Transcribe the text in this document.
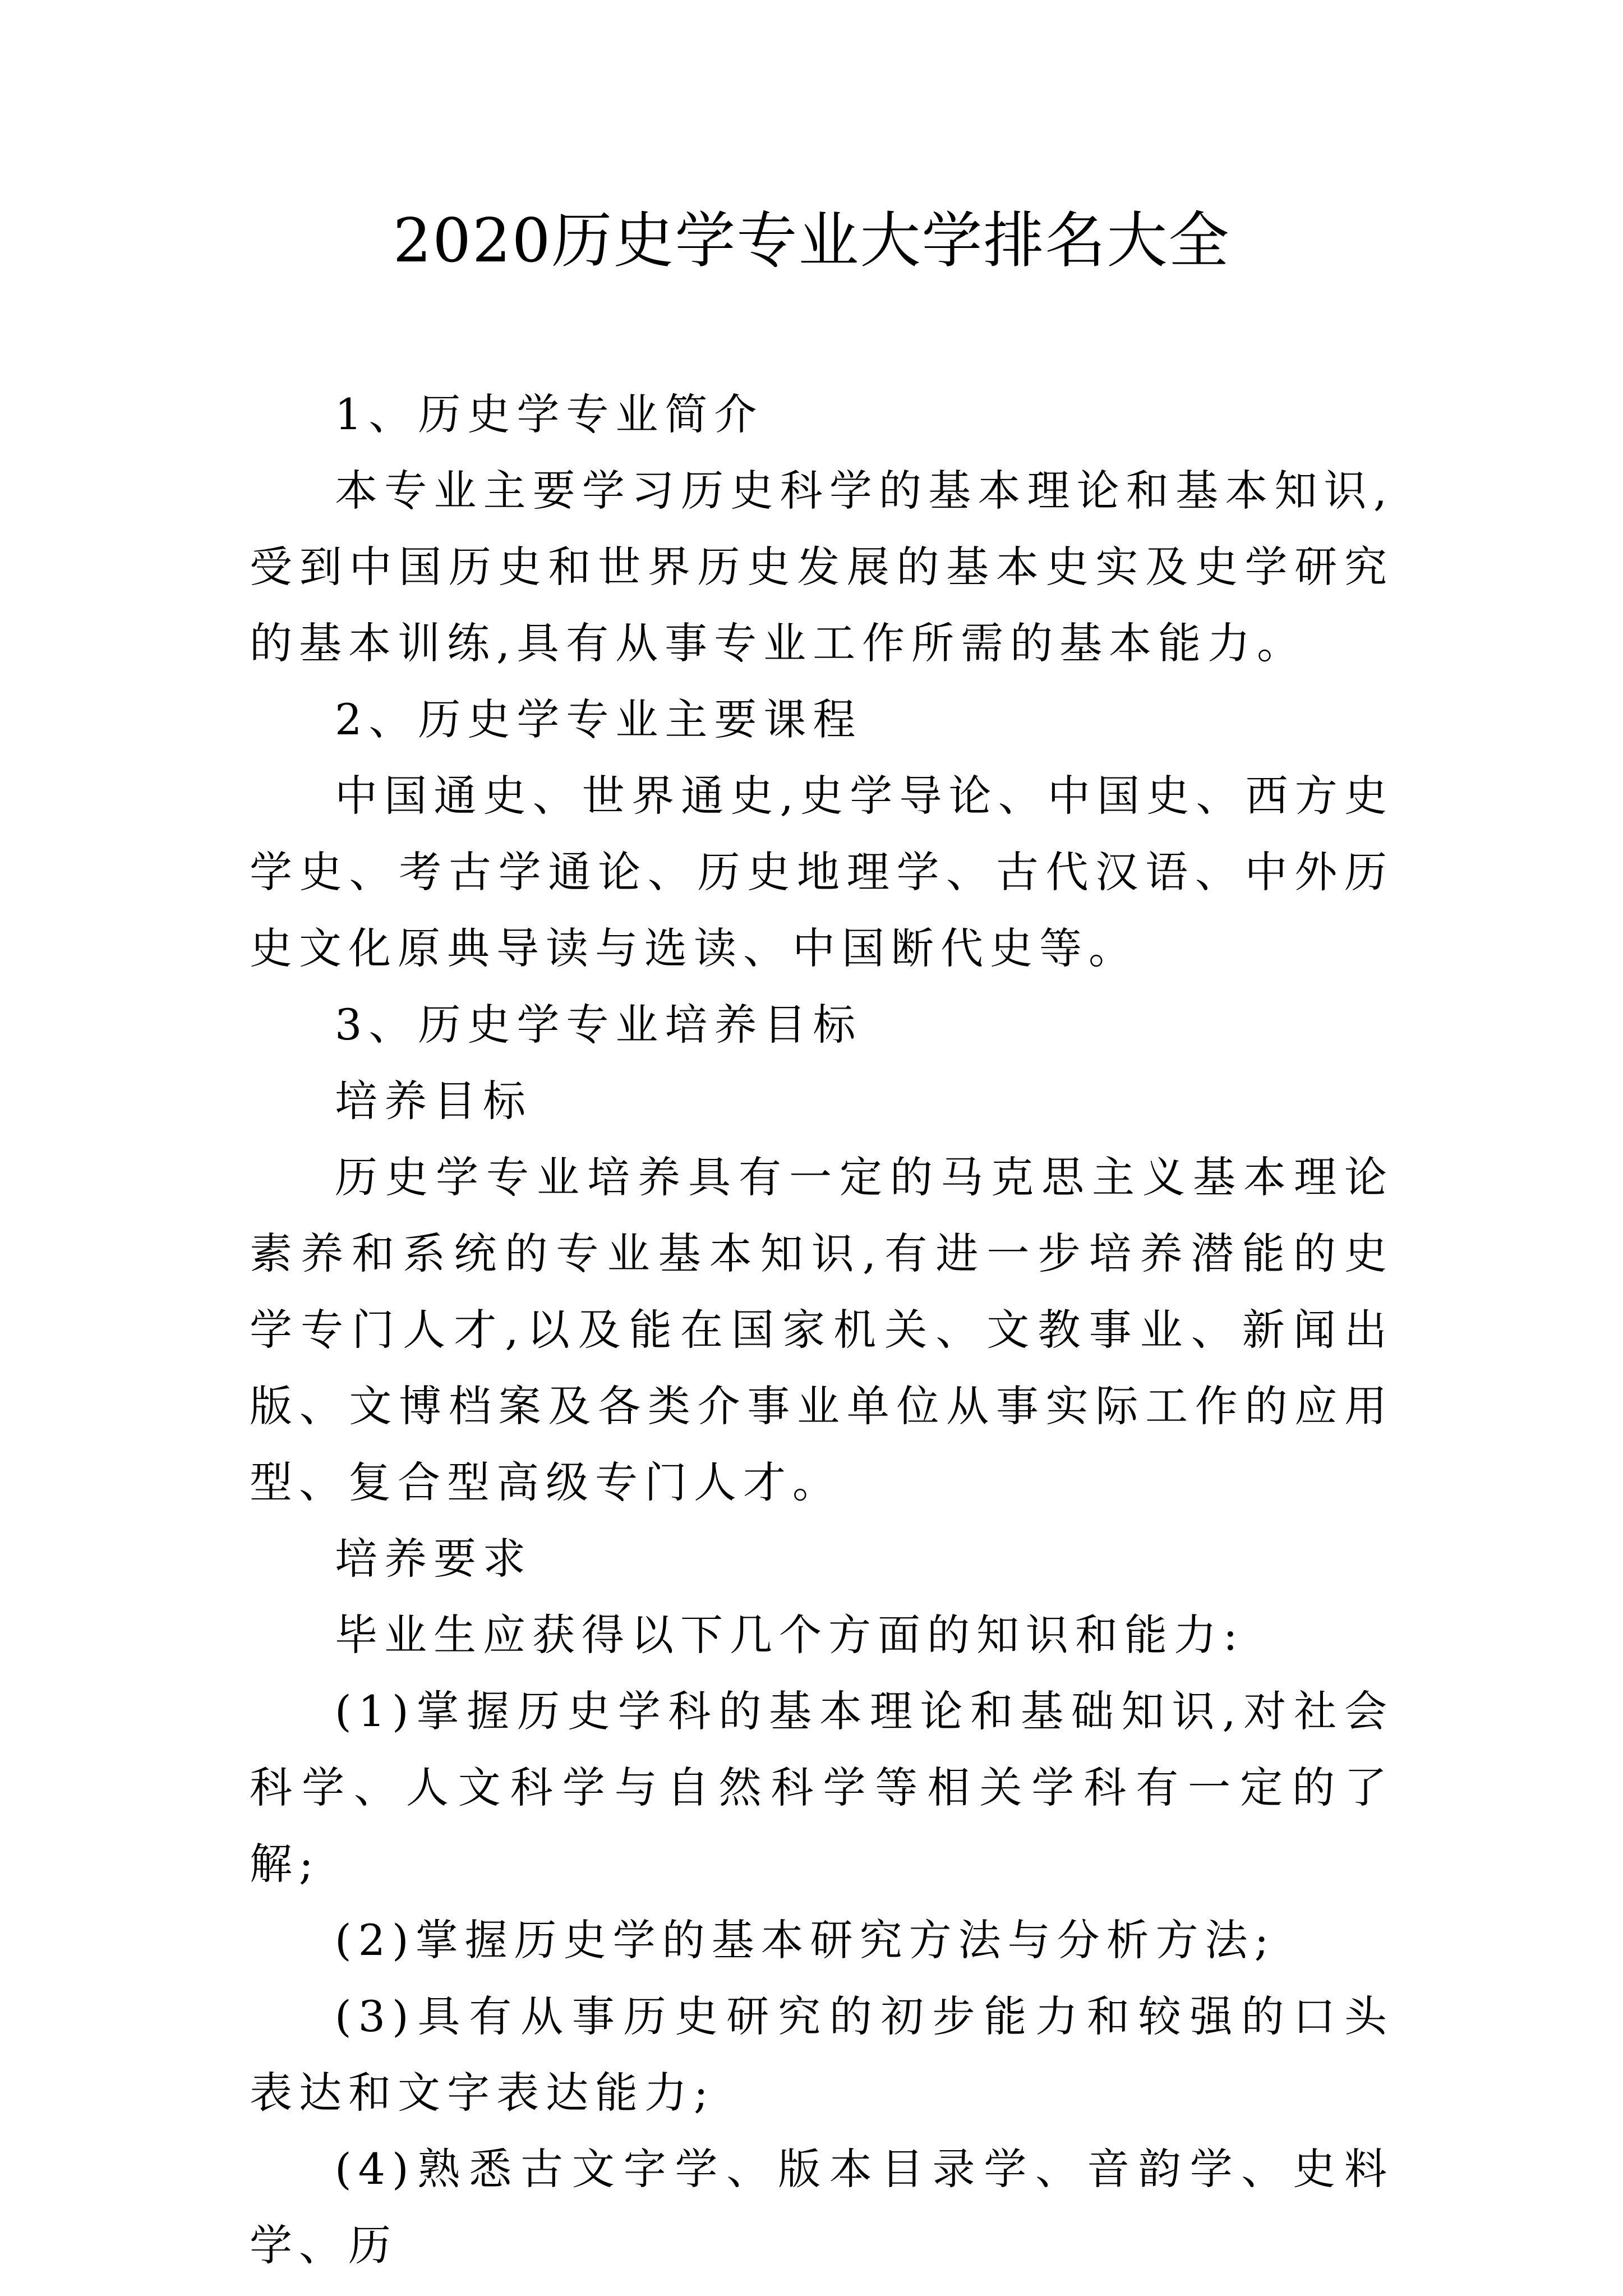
2020历史学专业大学排名大全

1、历史学专业简介

本专业主要学习历史科学的基本理论和基本知识,受到中国历史和世界历史发展的基本史实及史学研究的基本训练,具有从事专业工作所需的基本能力。

2、历史学专业主要课程

中国通史、世界通史,史学导论、中国史、西方史学史、考古学通论、历史地理学、古代汉语、中外历史文化原典导读与选读、中国断代史等。

3、历史学专业培养目标

培养目标

历史学专业培养具有一定的马克思主义基本理论素养和系统的专业基本知识,有进一步培养潜能的史学专门人才,以及能在国家机关、文教事业、新闻出版、文博档案及各类介事业单位从事实际工作的应用型、复合型高级专门人才。

培养要求

毕业生应获得以下几个方面的知识和能力:

(1)掌握历史学科的基本理论和基础知识,对社会科学、人文科学与自然科学等相关学科有一定的了解;

(2)掌握历史学的基本研究方法与分析方法;

(3)具有从事历史研究的初步能力和较强的口头表达和文字表达能力;

(4)熟悉古文字学、版本目录学、音韵学、史料学、历
